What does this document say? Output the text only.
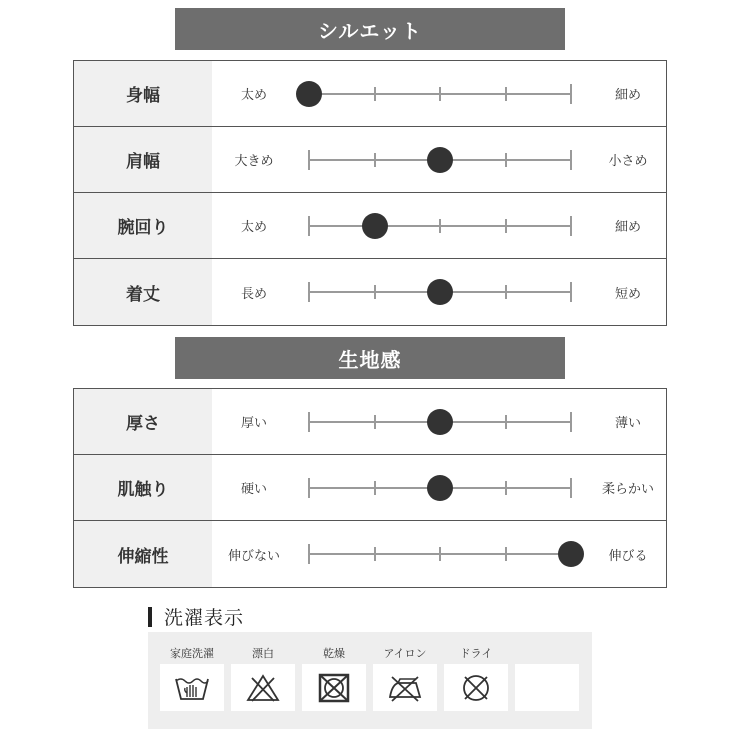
シルエット
身幅	太め	細め
肩幅	大きめ	小さめ
腕回り	太め	細め
着丈	長め	短め
生地感
厚さ	厚い	薄い
肌触り	硬い	柔らかい
伸縮性	伸びない	伸びる
洗濯表示
家庭洗濯	漂白	乾燥	アイロン	ドライ
